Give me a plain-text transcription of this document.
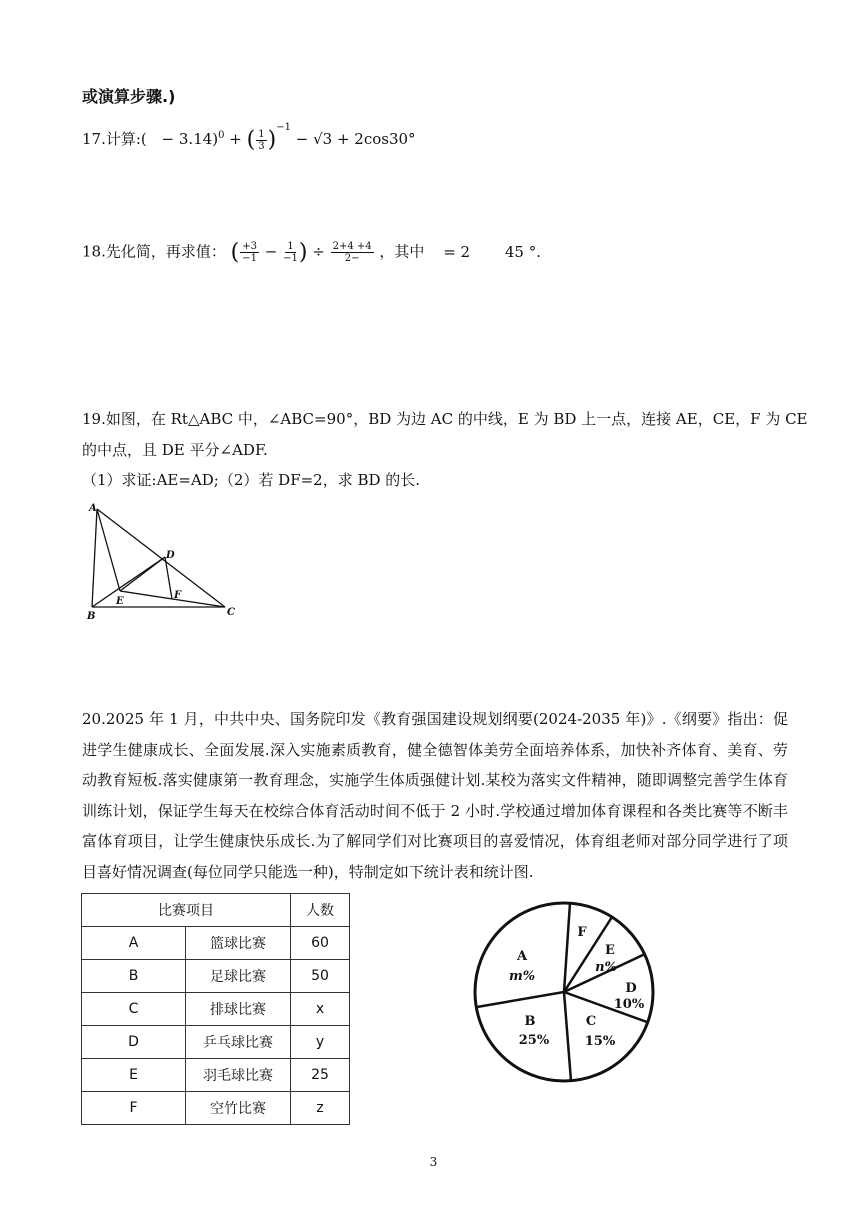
或演算步骤.)
17.计算:( − 3.14)$^0$ + ( $\frac{1}{3} )^{-1} - √3 + 2\cos 30^\circ$
18.先化简，再求值： ( $\frac{+3}{-1} - \frac{1}{-1}$ ) ÷ $\frac{2+4 +4}{2-}$ ，其中 = 2 45 °.
19.如图，在 Rt△ABC 中，∠ABC=90°，BD 为边 AC 的中线，E 为 BD 上一点，连接 AE，CE，F 为 CE
的中点，且 DE 平分∠ADF.
（1）求证:AE=AD;（2）若 DF=2，求 BD 的长.
A
B	C
D
E
F
20.2025 年 1 月，中共中央、国务院印发《教育强国建设规划纲要(2024-2035 年)》.《纲要》指出：促进学生健康成长、全面发展.深入实施素质教育，健全德智体美劳全面培养体系，加快补齐体育、美育、劳动教育短板.落实健康第一教育理念，实施学生体质强健计划.某校为落实文件精神，随即调整完善学生体育训练计划，保证学生每天在校综合体育活动时间不低于 2 小时.学校通过增加体育课程和各类比赛等不断丰富体育项目，让学生健康快乐成长.为了解同学们对比赛项目的喜爱情况，体育组老师对部分同学进行了项目喜好情况调查(每位同学只能选一种)，特制定如下统计表和统计图.
比赛项目		人数
A	篮球比赛	60
B	足球比赛	50
C	排球比赛	x
D	乒乓球比赛	y
E	羽毛球比赛	25
F	空竹比赛	z
A
m%
B
25%
C
15%
D
10%
E
n%
F
3
